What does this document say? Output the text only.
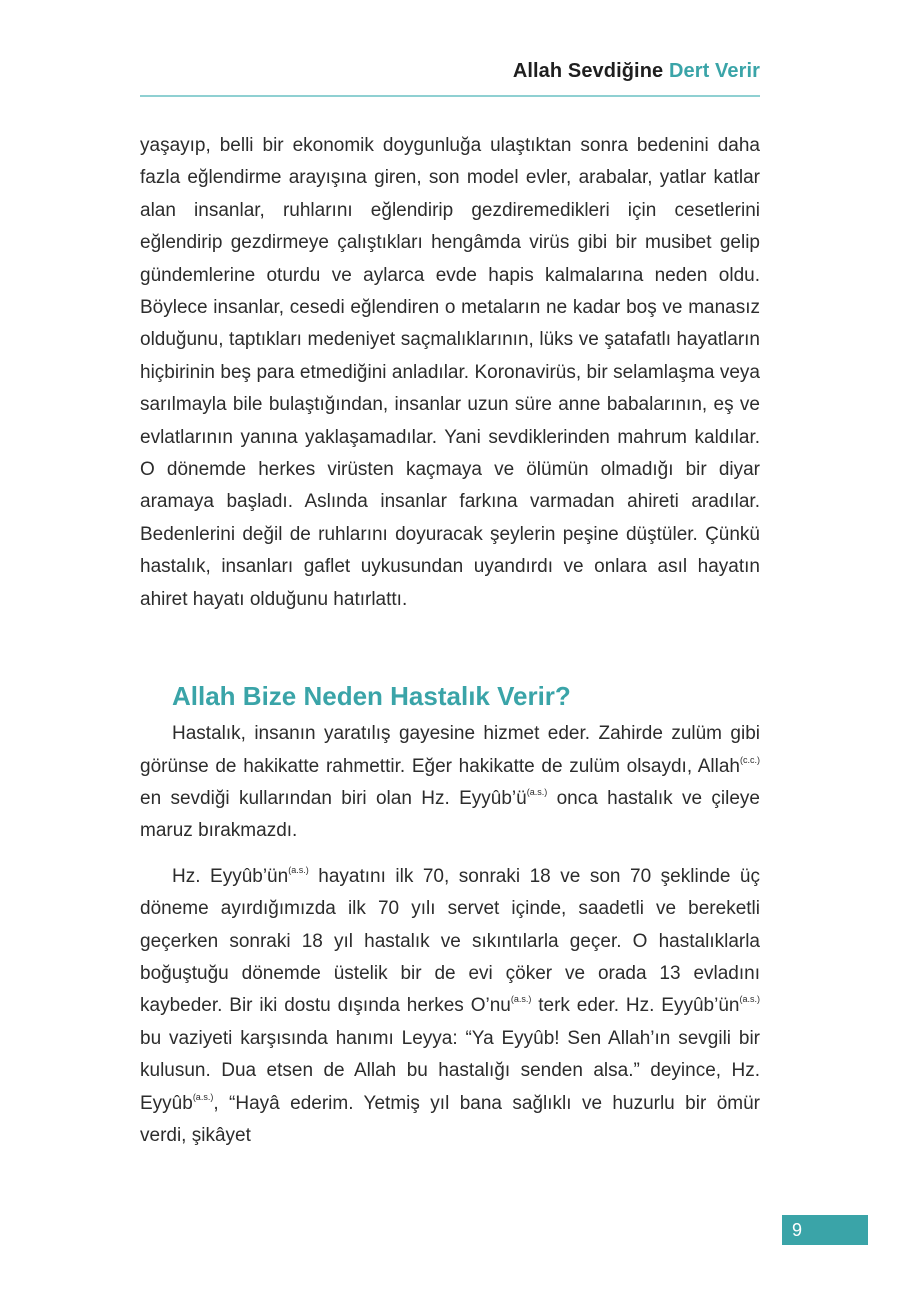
Allah Sevdiğine Dert Verir

yaşayıp, belli bir ekonomik doygunluğa ulaştıktan sonra bedenini daha fazla eğlendirme arayışına giren, son model evler, arabalar, yatlar katlar alan insanlar, ruhlarını eğlendirip gezdiremedikleri için cesetlerini eğlendirip gezdirmeye çalıştıkları hengâmda virüs gibi bir musibet gelip gündemlerine oturdu ve aylarca evde hapis kalmalarına neden oldu. Böylece insanlar, cesedi eğlendiren o metaların ne kadar boş ve manasız olduğunu, taptıkları medeniyet saçmalıklarının, lüks ve şatafatlı hayatların hiçbirinin beş para etmediğini anladılar. Koronavirüs, bir selamlaşma veya sarılmayla bile bulaştığından, insanlar uzun süre anne babalarının, eş ve evlatlarının yanına yaklaşamadılar. Yani sevdiklerinden mahrum kaldılar. O dönemde herkes virüsten kaçmaya ve ölümün olmadığı bir diyar aramaya başladı. Aslında insanlar farkına varmadan ahireti aradılar. Bedenlerini değil de ruhlarını doyuracak şeylerin peşine düştüler. Çünkü hastalık, insanları gaflet uykusundan uyandırdı ve onlara asıl hayatın ahiret hayatı olduğunu hatırlattı.

Allah Bize Neden Hastalık Verir?

Hastalık, insanın yaratılış gayesine hizmet eder. Zahirde zulüm gibi görünse de hakikatte rahmettir. Eğer hakikatte de zulüm olsaydı, Allah$^{(c.c.)}$ en sevdiği kullarından biri olan Hz. $Eyyûb’ü^{(a.s.)}$ onca hastalık ve çileye maruz bırakmazdı.

Hz. $Eyyûb’ün^{(a.s.)}$ hayatını ilk 70, sonraki 18 ve son 70 şeklinde üç döneme ayırdığımızda ilk 70 yılı servet içinde, saadetli ve bereketli geçerken sonraki 18 yıl hastalık ve sıkıntılarla geçer. O hastalıklarla boğuştuğu dönemde üstelik bir de evi çöker ve orada 13 evladını kaybeder. Bir iki dostu dışında herkes $O’nu^{(a.s.)}$ terk eder. Hz. $Eyyûb’ün^{(a.s.)}$ bu vaziyeti karşısında hanımı Leyya: “Ya Eyyûb! Sen Allah’ın sevgili bir kulusun. Dua etsen de Allah bu hastalığı senden alsa.” deyince, Hz. Eyyûb$^{(a.s.)}$, “Hayâ ederim. Yetmiş yıl bana sağlıklı ve huzurlu bir ömür verdi, şikâyet

9
